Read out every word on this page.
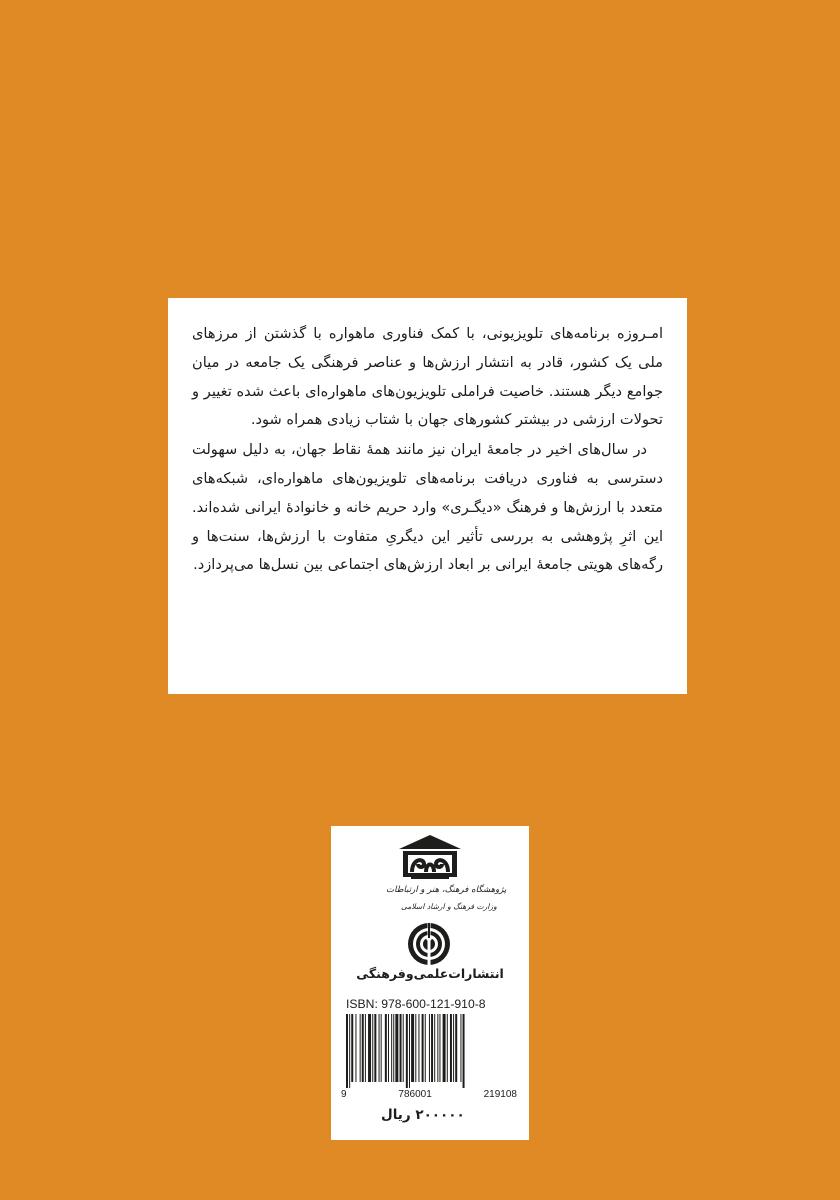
امـروزه برنامه‌های تلویزیونی، با کمک فناوری ماهواره با گذشتن از مرزهای ملی یک کشور، قادر به انتشار ارزش‌ها و عناصر فرهنگی یک جامعه در میان جوامع دیگر هستند. خاصیت فراملی تلویزیون‌های ماهواره‌ای باعث شده تغییر و تحولات ارزشی در بیشتر کشورهای جهان با شتاب زیادی همراه شود.

در سال‌های اخیر در جامعهٔ ایران نیز مانند همهٔ نقاط جهان، به دلیل سهولت دسترسی به فناوری دریافت برنامه‌های تلویزیون‌های ماهواره‌ای، شبکه‌های متعدد با ارزش‌ها و فرهنگ «دیگـری» وارد حریم خانه و خانوادهٔ ایرانی شده‌اند. این اثرِ پژوهشی به بررسی تأثیر این دیگریِ متفاوت با ارزش‌ها، سنت‌ها و رگه‌های هویتی جامعهٔ ایرانی بر ابعاد ارزش‌های اجتماعی بین نسل‌ها می‌پردازد.

پژوهشگاه فرهنگ، هنر و ارتباطات
وزارت فرهنگ و ارشاد اسلامی
انتشارات‌علمی‌وفرهنگی
ISBN: 978-600-121-910-8
9	786001	219108
۲۰۰۰۰۰ ریال
